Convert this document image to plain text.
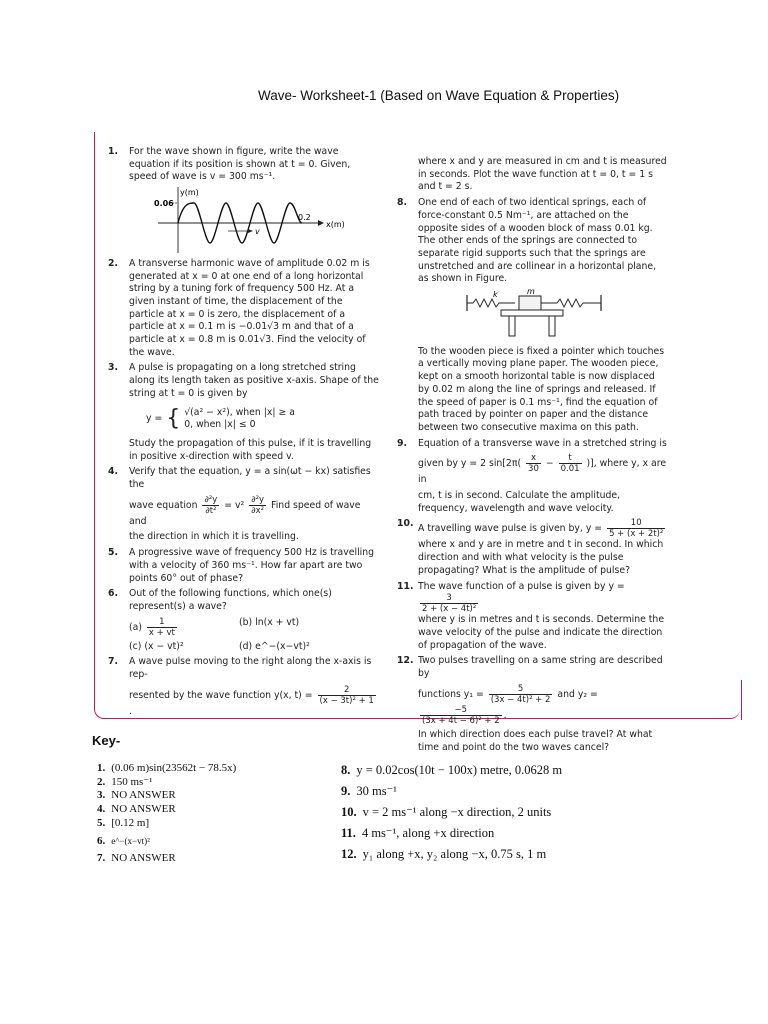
Wave- Worksheet-1 (Based on Wave Equation & Properties)
1. For the wave shown in figure, write the wave equation if its position is shown at t = 0. Given, speed of wave is v = 300 ms⁻¹.
y(m)
x(m)
0.06
0.2
v
2. A transverse harmonic wave of amplitude 0.02 m is generated at x = 0 at one end of a long horizontal string by a tuning fork of frequency 500 Hz. At a given instant of time, the displacement of the particle at x = 0 is zero, the displacement of a particle at x = 0.1 m is −0.01√3 m and that of a particle at x = 0.8 m is 0.01√3. Find the velocity of the wave.
3. A pulse is propagating on a long stretched string along its length taken as positive x-axis. Shape of the string at t = 0 is given by
y = { √(a² − x²), when |x| ≥ a
0, when |x| ≤ 0
Study the propagation of this pulse, if it is travelling in positive x-direction with speed v.
4. Verify that the equation, y = a sin(ωt − kx) satisfies the
wave equation $\frac{\text{∂²y}}{\text{∂t²}} = v^2 \frac{\text{∂²y}}{\text{∂x²}}$ Find speed of wave and
the direction in which it is travelling.
5. A progressive wave of frequency 500 Hz is travelling with a velocity of 360 ms⁻¹. How far apart are two points 60° out of phase?
6. Out of the following functions, which one(s) represent(s) a wave?
$(a) \frac{1}{x + vt}$	(b) ln(x + vt)
(c) (x − vt)²	(d) e^−(x−vt)²
7. A wave pulse moving to the right along the x-axis is rep-
resented by the wave function y(x, $t) = \frac{2}{\text{(x − 3t)² + 1}}$
.
where x and y are measured in cm and t is measured in seconds. Plot the wave function at t = 0, t = 1 s and t = 2 s.
8. One end of each of two identical springs, each of force-constant 0.5 Nm⁻¹, are attached on the opposite sides of a wooden block of mass 0.01 kg. The other ends of the springs are connected to separate rigid supports such that the springs are unstretched and are collinear in a horizontal plane, as shown in Figure.
k	m
To the wooden piece is fixed a pointer which touches a vertically moving plane paper. The wooden piece, kept on a smooth horizontal table is now displaced by 0.02 m along the line of springs and released. If the speed of paper is 0.1 ms⁻¹, find the equation of path traced by pointer on paper and the distance between two consecutive maxima on this path.
9. Equation of a transverse wave in a stretched string is
given by y = 2 $\sin[2\pi( \frac{x}{30} - \frac{t}{0.01}$ )], where y, x are in
cm, t is in second. Calculate the amplitude, frequency, wavelength and wave velocity.
10. A travelling wave pulse is given by, $y = \frac{10}{\text{5 + (x + 2t)²}}$
where x and y are in metre and t in second. In which direction and with what velocity is the pulse propagating? What is the amplitude of pulse?
11. The wave function of a pulse is given by y =
$\frac{3}{\text{2 + (x − 4t)²}}$
where y is in metres and t is seconds. Determine the wave velocity of the pulse and indicate the direction of propagation of the wave.
12. Two pulses travelling on a same string are described by
functions $y_1 = \frac{5}{\text{(3x − 4t)² + 2}}$ and y₂ =
$\frac{-5}{\text{(3x + 4t − 6)² + 2}}$ .
In which direction does each pulse travel? At what time and point do the two waves cancel?
Key-
1. (0.06 m)sin(23562t − 78.5x)
2. 150 ms⁻¹
3. NO ANSWER
4. NO ANSWER
5. [0.12 m]
6. e^−(x−vt)²
7. NO ANSWER
8. y = 0.02cos(10t − 100x) metre, 0.0628 m
9. 30 ms⁻¹
10. v = 2 ms⁻¹ along −x direction, 2 units
11. 4 ms⁻¹, along +x direction
12. y₁ along +x, y₂ along −x, 0.75 s, 1 m
